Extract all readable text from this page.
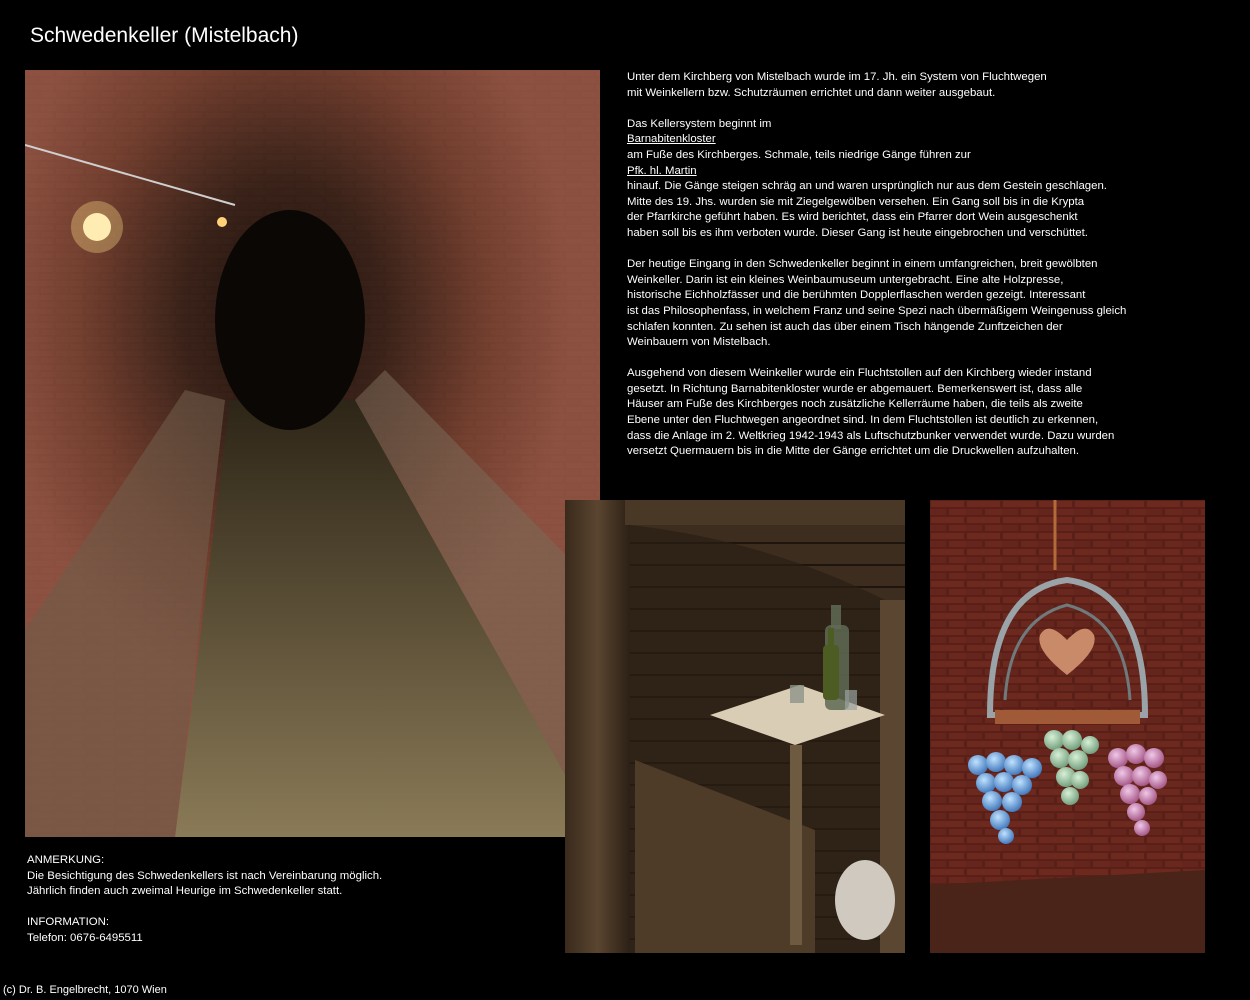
Schwedenkeller (Mistelbach)

Unter dem Kirchberg von Mistelbach wurde im 17. Jh. ein System von Fluchtwegen
mit Weinkellern bzw. Schutzräumen errichtet und dann weiter ausgebaut.

Das Kellersystem beginnt im
Barnabitenkloster
am Fuße des Kirchberges. Schmale, teils niedrige Gänge führen zur
Pfk. hl. Martin
hinauf. Die Gänge steigen schräg an und waren ursprünglich nur aus dem Gestein geschlagen.
Mitte des 19. Jhs. wurden sie mit Ziegelgewölben versehen. Ein Gang soll bis in die Krypta
der Pfarrkirche geführt haben. Es wird berichtet, dass ein Pfarrer dort Wein ausgeschenkt
haben soll bis es ihm verboten wurde. Dieser Gang ist heute eingebrochen und verschüttet.

Der heutige Eingang in den Schwedenkeller beginnt in einem umfangreichen, breit gewölbten
Weinkeller. Darin ist ein kleines Weinbaumuseum untergebracht. Eine alte Holzpresse,
historische Eichholzfässer und die berühmten Dopplerflaschen werden gezeigt. Interessant
ist das Philosophenfass, in welchem Franz und seine Spezi nach übermäßigem Weingenuss gleich
schlafen konnten. Zu sehen ist auch das über einem Tisch hängende Zunftzeichen der
Weinbauern von Mistelbach.

Ausgehend von diesem Weinkeller wurde ein Fluchtstollen auf den Kirchberg wieder instand
gesetzt. In Richtung Barnabitenkloster wurde er abgemauert. Bemerkenswert ist, dass alle
Häuser am Fuße des Kirchberges noch zusätzliche Kellerräume haben, die teils als zweite
Ebene unter den Fluchtwegen angeordnet sind. In dem Fluchtstollen ist deutlich zu erkennen,
dass die Anlage im 2. Weltkrieg 1942-1943 als Luftschutzbunker verwendet wurde. Dazu wurden
versetzt Quermauern bis in die Mitte der Gänge errichtet um die Druckwellen aufzuhalten.

ANMERKUNG:
Die Besichtigung des Schwedenkellers ist nach Vereinbarung möglich.
Jährlich finden auch zweimal Heurige im Schwedenkeller statt.

INFORMATION:
Telefon: 0676-6495511

(c) Dr. B. Engelbrecht, 1070 Wien
